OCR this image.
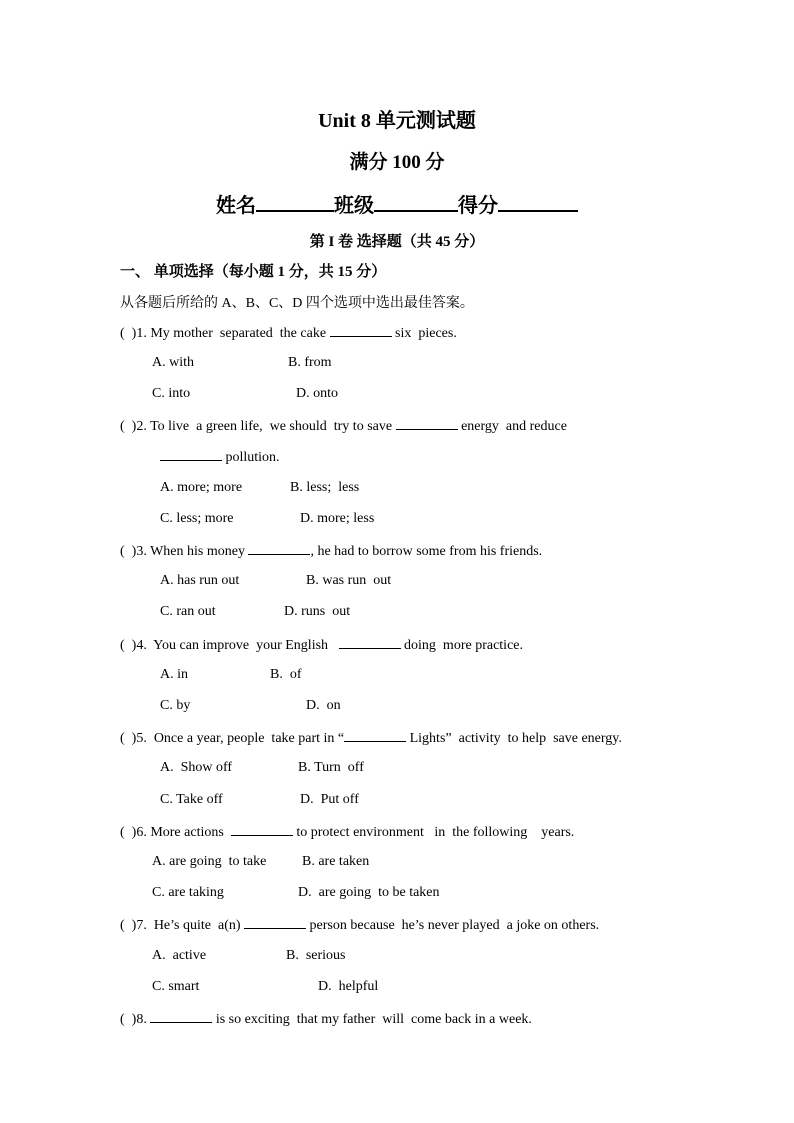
Unit 8 单元测试题
满分 100 分
姓名	班级	得分
第 I 卷 选择题（共 45 分）
一、 单项选择（每小题 1 分，共 15 分）
从各题后所给的 A、B、C、D 四个选项中选出最佳答案。
(  )1. My mother  separated  the cake	six  pieces.
A. with	B. from
C. into	D. onto
(  )2. To live  a green life,  we should  try to save	energy  and reduce
pollution.
A. more; more	B. less;  less
C. less; more	D. more; less
(  )3. When his money	, he had to borrow some from his friends.
A. has run out	B. was run  out
C. ran out	D. runs  out
(  )4.  You can improve  your English	doing  more practice.
A. in	B.  of
C. by	D.  on
(  )5.  Once a year, people  take part in “	Lights”  activity  to help  save energy.
A.  Show off	B. Turn  off
C. Take off	D.  Put off
(  )6. More actions	to protect environment   in  the following    years.
A. are going  to take	B. are taken
C. are taking	D.  are going  to be taken
(  )7.  He’s quite  a(n)	person because  he’s never played  a joke on others.
A.  active	B.  serious
C. smart	D.  helpful
(  )8.	is so exciting  that my father  will  come back in a week.
